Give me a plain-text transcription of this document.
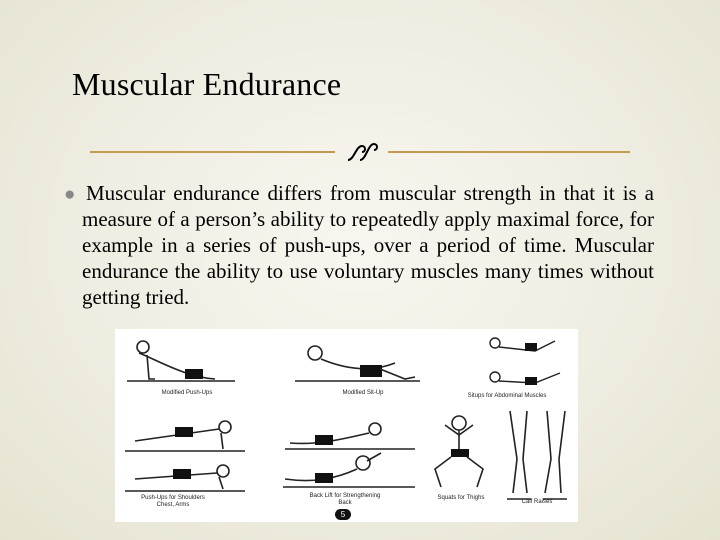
Muscular Endurance
● Muscular endurance differs from muscular strength in that it is a measure of a person’s ability to repeatedly apply maximal force, for example in a series of push-ups, over a period of time. Muscular endurance the ability to use voluntary muscles many times without getting tried.
Modified Push-Ups	Modified Sit-Up	Situps for Abdominal Muscles
Push-Ups for Shoulders Chest, Arms
Back Lift for Strengthening Back
Squats for Thighs
Calf Raises
5
